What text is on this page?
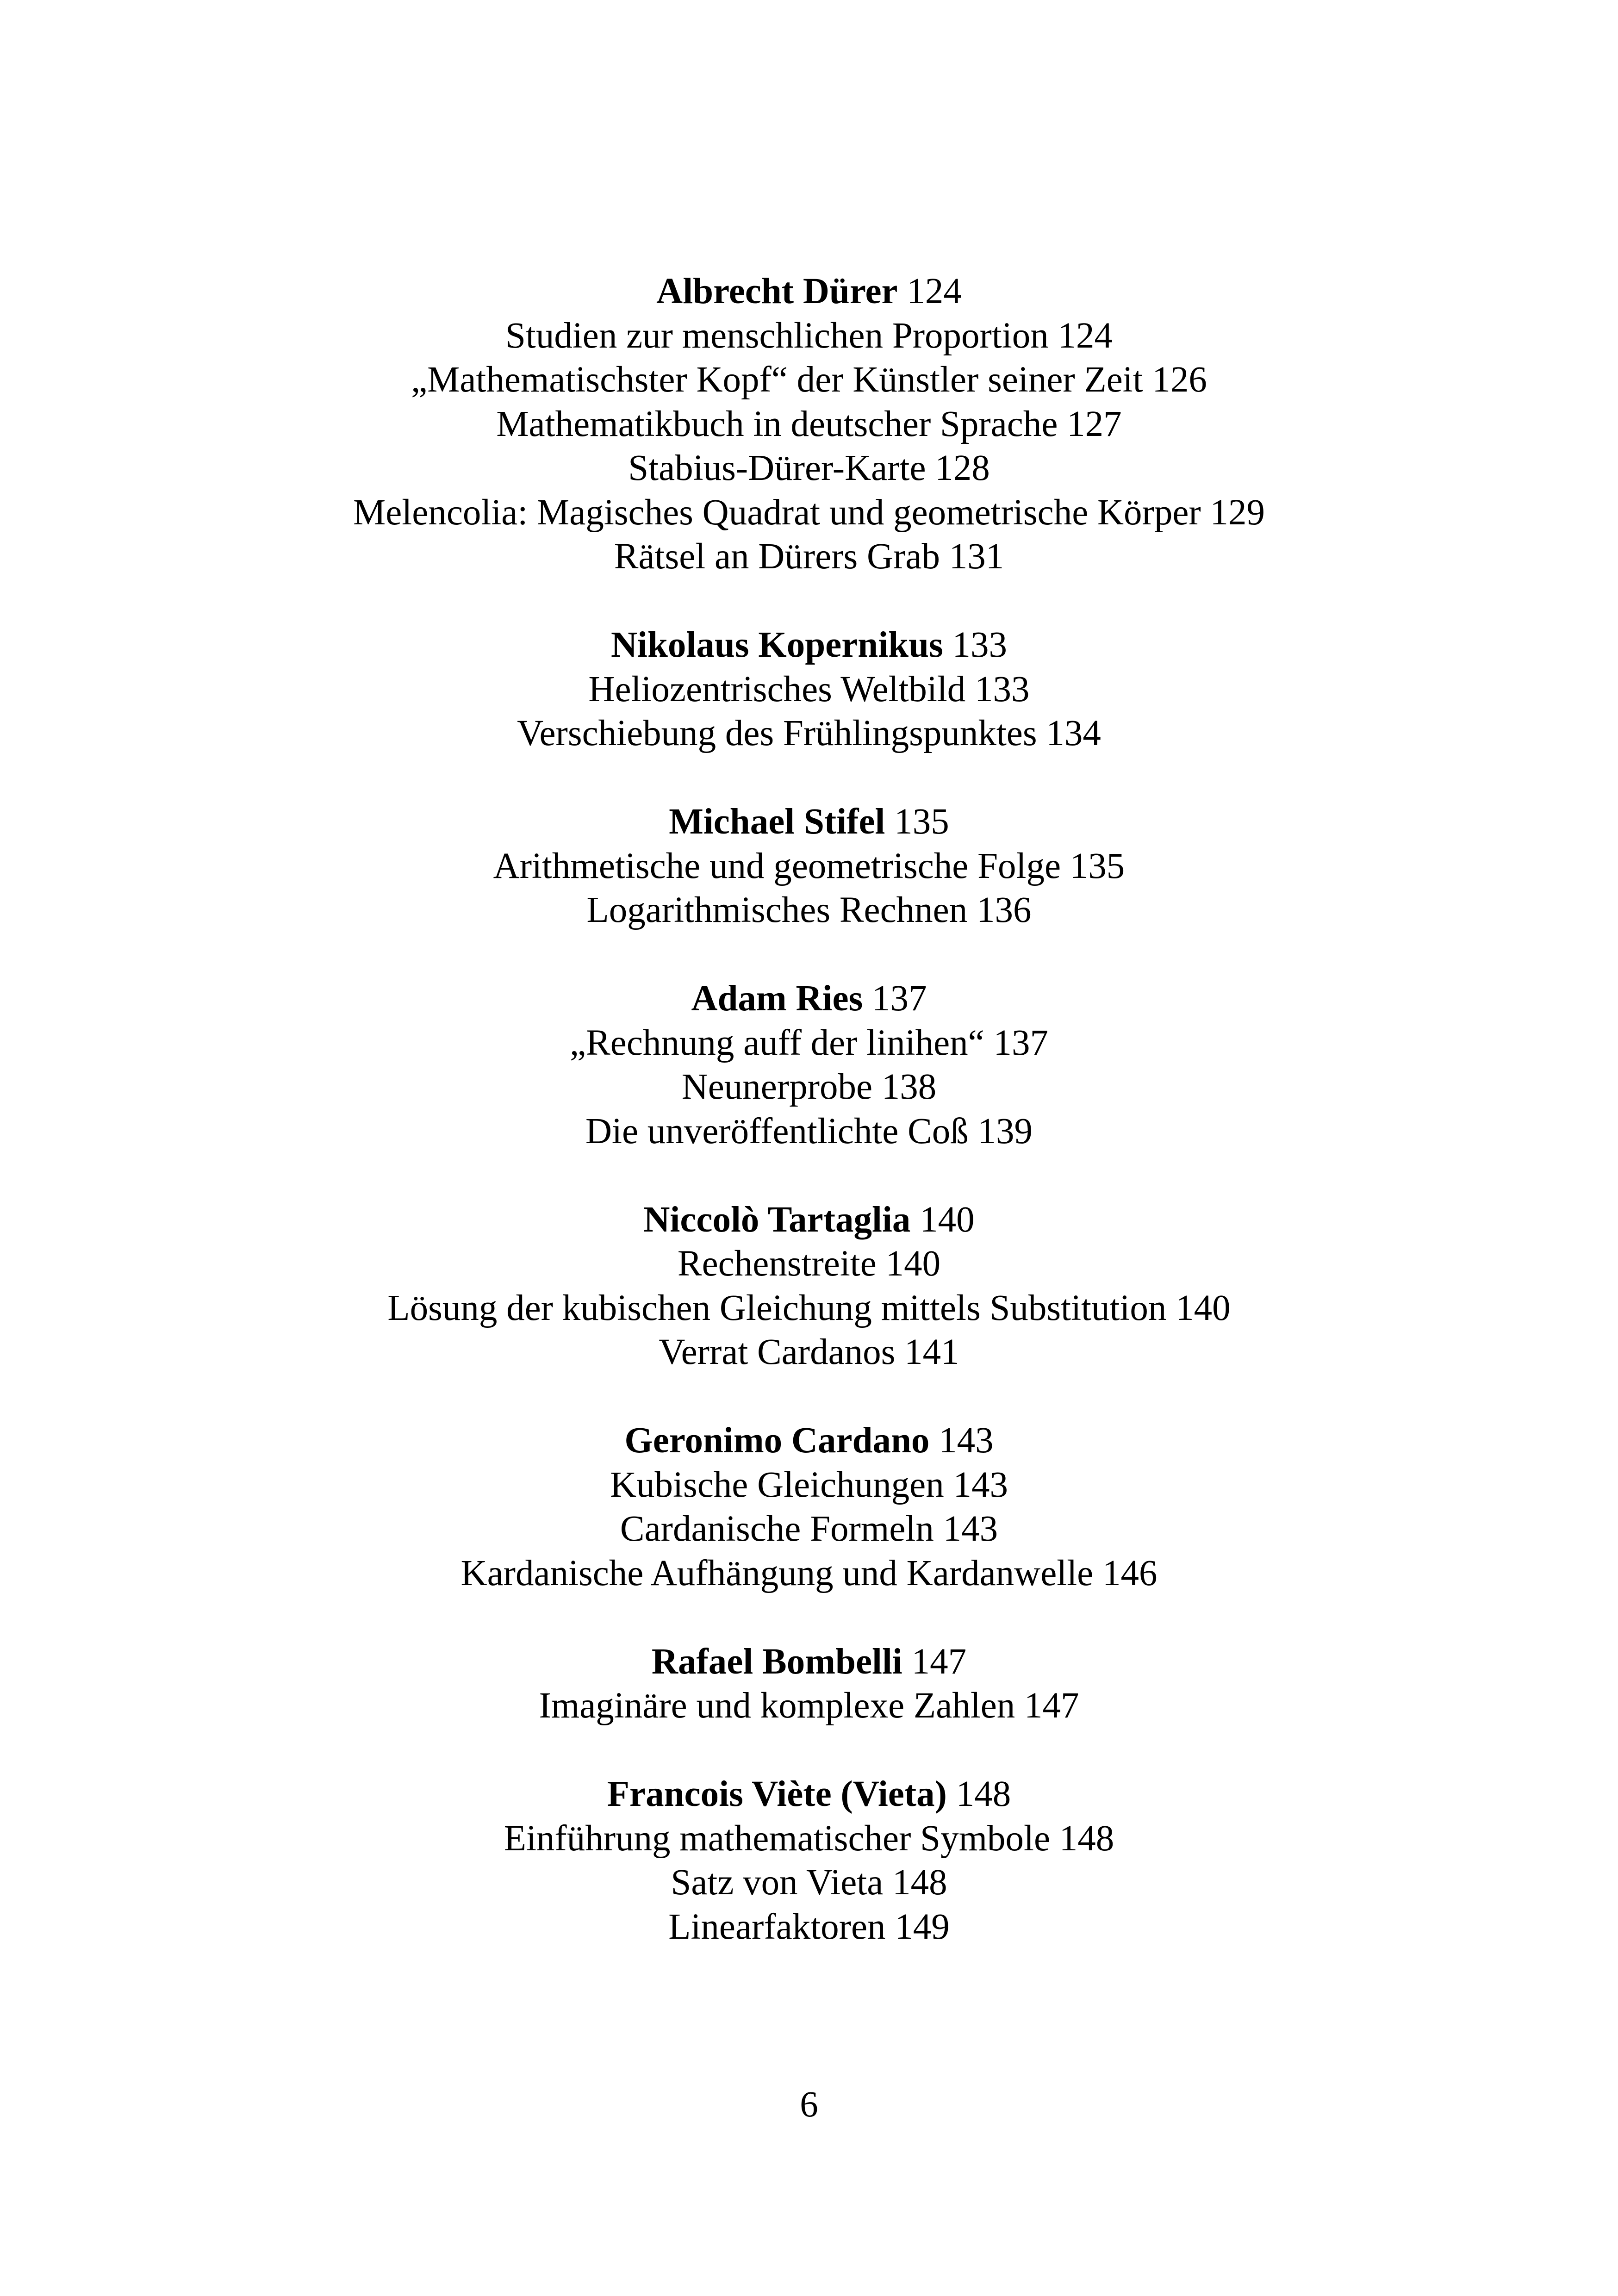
Albrecht Dürer 124
Studien zur menschlichen Proportion 124
„Mathematischster Kopf“ der Künstler seiner Zeit 126
Mathematikbuch in deutscher Sprache 127
Stabius-Dürer-Karte 128
Melencolia: Magisches Quadrat und geometrische Körper 129
Rätsel an Dürers Grab 131
Nikolaus Kopernikus 133
Heliozentrisches Weltbild 133
Verschiebung des Frühlingspunktes 134
Michael Stifel 135
Arithmetische und geometrische Folge 135
Logarithmisches Rechnen 136
Adam Ries 137
„Rechnung auff der linihen“ 137
Neunerprobe 138
Die unveröffentlichte Coß 139
Niccolò Tartaglia 140
Rechenstreite 140
Lösung der kubischen Gleichung mittels Substitution 140
Verrat Cardanos 141
Geronimo Cardano 143
Kubische Gleichungen 143
Cardanische Formeln 143
Kardanische Aufhängung und Kardanwelle 146
Rafael Bombelli 147
Imaginäre und komplexe Zahlen 147
Francois Viète (Vieta) 148
Einführung mathematischer Symbole 148
Satz von Vieta 148
Linearfaktoren 149
6
